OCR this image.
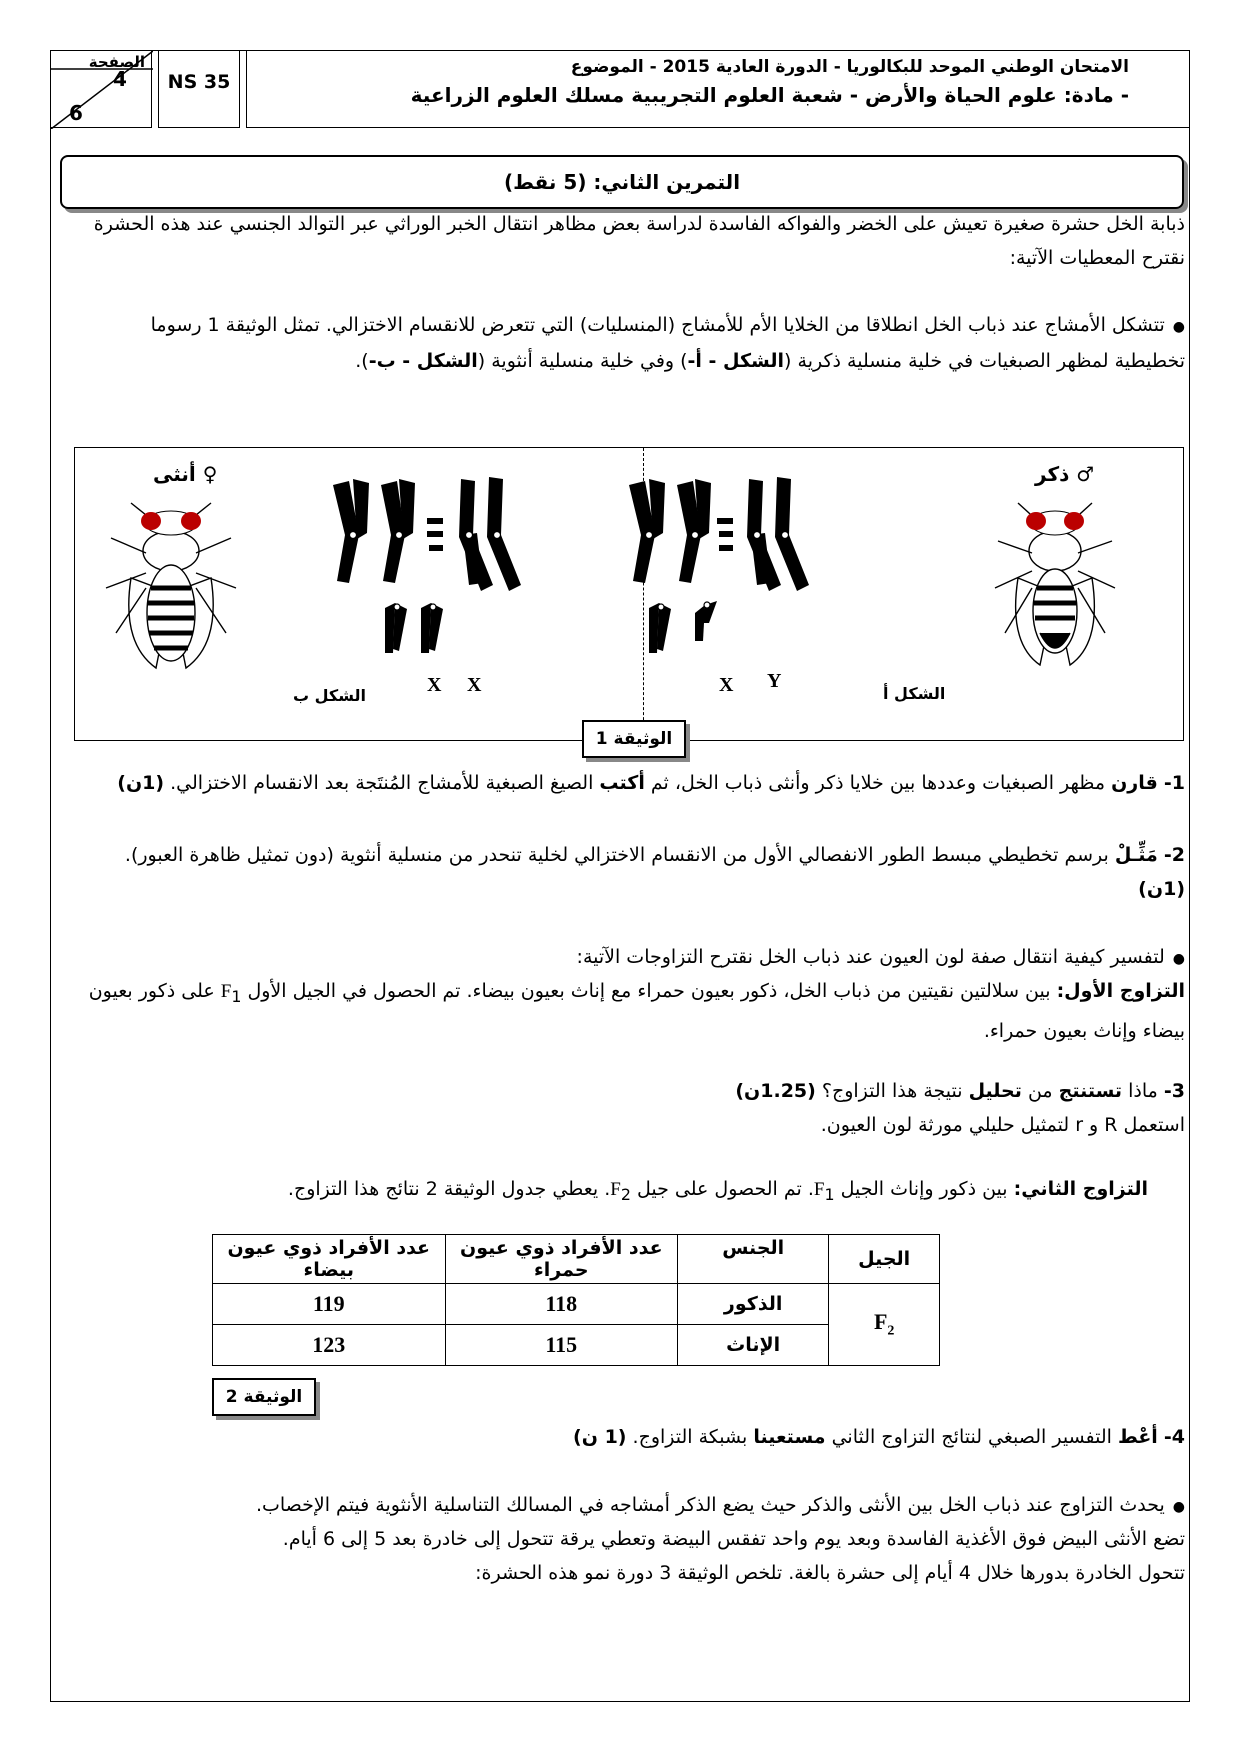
الصفحة
4
6
NS 35
الامتحان الوطني الموحد للبكالوريا - الدورة العادية 2015 - الموضوع
- مادة: علوم الحياة والأرض - شعبة العلوم التجريبية مسلك العلوم الزراعية
التمرين الثاني: (5 نقط)
ذبابة الخل حشرة صغيرة تعيش على الخضر والفواكه الفاسدة لدراسة بعض مظاهر انتقال الخبر الوراثي عبر التوالد الجنسي عند هذه الحشرة نقترح المعطيات الآتية:
●تتشكل الأمشاج عند ذباب الخل انطلاقا من الخلايا الأم للأمشاج (المنسليات) التي تتعرض للانقسام الاختزالي. تمثل الوثيقة 1 رسوما تخطيطية لمظهر الصبغيات في خلية منسلية ذكرية (الشكل - أ-) وفي خلية منسلية أنثوية (الشكل - ب-).
أنثى ♀	ذكر ♂
X X	X Y
الشكل ب	الشكل أ
الوثيقة 1
1- قارن مظهر الصبغيات وعددها بين خلايا ذكر وأنثى ذباب الخل، ثم أكتب الصيغ الصبغية للأمشاج المُنتَجة بعد الانقسام الاختزالي. (1ن)
2- مَثِّـلْ برسم تخطيطي مبسط الطور الانفصالي الأول من الانقسام الاختزالي لخلية تنحدر من منسلية أنثوية (دون تمثيل ظاهرة العبور). (1ن)
●لتفسير كيفية انتقال صفة لون العيون عند ذباب الخل نقترح التزاوجات الآتية:
التزاوج الأول: بين سلالتين نقيتين من ذباب الخل، ذكور بعيون حمراء مع إناث بعيون بيضاء. تم الحصول في الجيل الأول $F_1$ على ذكور بعيون بيضاء وإناث بعيون حمراء.
3- ماذا تستنتج من تحليل نتيجة هذا التزاوج؟ (1.25ن)
استعمل R و r لتمثيل حليلي مورثة لون العيون.
التزاوج الثاني: بين ذكور وإناث الجيل $F_1$. تم الحصول على جيل $F_2$. يعطي جدول الوثيقة 2 نتائج هذا التزاوج.
الجيل	الجنس	عدد الأفراد ذوي عيون حمراء	عدد الأفراد ذوي عيون بيضاء

$F_2$	الذكور	118	119
	الإناث	115	123
الوثيقة 2
4- أعْط التفسير الصبغي لنتائج التزاوج الثاني مستعينا بشبكة التزاوج. (1 ن)
●يحدث التزاوج عند ذباب الخل بين الأنثى والذكر حيث يضع الذكر أمشاجه في المسالك التناسلية الأنثوية فيتم الإخصاب.
تضع الأنثى البيض فوق الأغذية الفاسدة وبعد يوم واحد تفقس البيضة وتعطي يرقة تتحول إلى خادرة بعد 5 إلى 6 أيام.
تتحول الخادرة بدورها خلال 4 أيام إلى حشرة بالغة. تلخص الوثيقة 3 دورة نمو هذه الحشرة:
